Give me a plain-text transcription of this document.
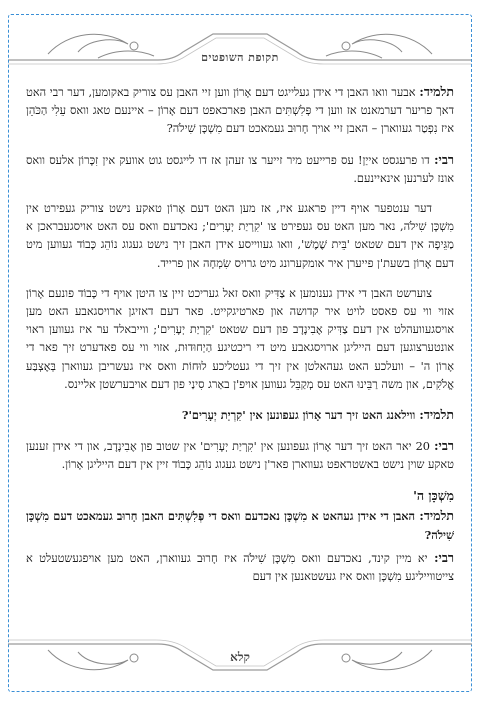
תקופת השופטים

תלמיד: אבער וואו האבן די אידן געלייגט דעם אָרוֹן ווען זיי האבן עס צוריק באקומען, דער רבי האט דאך פריער דערמאנט אז ווען די פְּלִשְׁתִּים האבן פארכאפט דעם אָרוֹן – איינעם טאג וואס עֵלִי הַכֹּהֵן איז נִפְטַר געווארן – האבן זיי אויך חָרוּב געמאכט דעם מִשְׁכָּן שִׁילֹה?

רבי: דו פרעגסט אייַן! עס פרייעט מיר זייער צו זעהן אז דו לייגסט גוט אוועק אין זִכָּרוֹן אלעס וואס אונז לערנען אינאיינעם.

דער ענטפער אויף דיין פראגע איז, אז מען האט דעם אָרוֹן טאקע נישט צוריק געפירט אין מִשְׁכָּן שִׁילֹה, נאר מען האט עס געפירט צו 'קִרְיַת יְעָרִים'; נאכדעם וואס עס האט אויסגעבראכן א מַגֵּיפָה אין דעם שטאט 'בֵּית שֶׁמֶשׁ', וואו געווייסע אידן האבן זיך נישט געגוג נוֹהֵג כָּבוֹד געווען מיט דעם אָרוֹן בשעת'ן פייערן איר אומקערונג מיט גרויס שִׂמְחָה און פרייד.

צוערשט האבן די אידן גענומען א צַדִּיק וואס זאל געריכט זיין צו היטן אויף די כָּבוֹד פונעם אָרוֹן אזוי ווי עס פאסט לויט איר קדושה און פארטיגקייט. פאר דעם דאזיגן ארויסגאבע האט מען אויסגעוועהלט אין דעם צַדִּיק אֶבִינָדָב פון דעם שטאט 'קִרְיַת יְעָרִים'; ווייבאלד ער איז געווען ראוי אונטערצוגען דעם הייליגן ארויסגאבע מיט די ריכטיגע הַיְחוּדוּת, אזוי ווי עס פאדערט זיך פאר די אָרוֹן ה' – וועלכע האט געהאלטן אין זיך די געטליכע לוּחוֹת וואס איז געשריבן געווארן בְּאֶצְבַּע אֱלֹקִים, און משה רַבֵּינוּ האט עס מְקַבֵּל געווען אויפ'ן באַרג סִינַי פון דעם אויבערשטן אליינס.

תלמיד: ווילאנג האט זיך דער אָרוֹן געפונען אין 'קִרְיַת יְעָרִים'?

רבי: 20 יאר האט זיך דער אָרוֹן געפונען אין 'קִרְיַת יְעָרִים' אין שטוב פון אֶבִינָדָב, און די אידן זענען טאקע שוין נישט באשטראפט געווארן פאר'ן נישט געגוג נוֹהֵג כָּבוֹד זיין אין דעם הייליגן אָרוֹן.

מִשְׁכָּן ה'

תלמיד: האבן די אידן געהאט א מִשְׁכָּן נאכדעם וואס די פְּלִשְׁתִּים האבן חָרוּב געמאכט דעם מִשְׁכָּן שִׁילֹה?

רבי: יא מיין קינד, נאכדעם וואס מִשְׁכָּן שִׁילֹה איז חָרוּב געווארן, האט מען אויפגעשטעלט א צייטווייליגע מִשְׁכָּן וואס איז געשטאנען אין דעם

קלא
